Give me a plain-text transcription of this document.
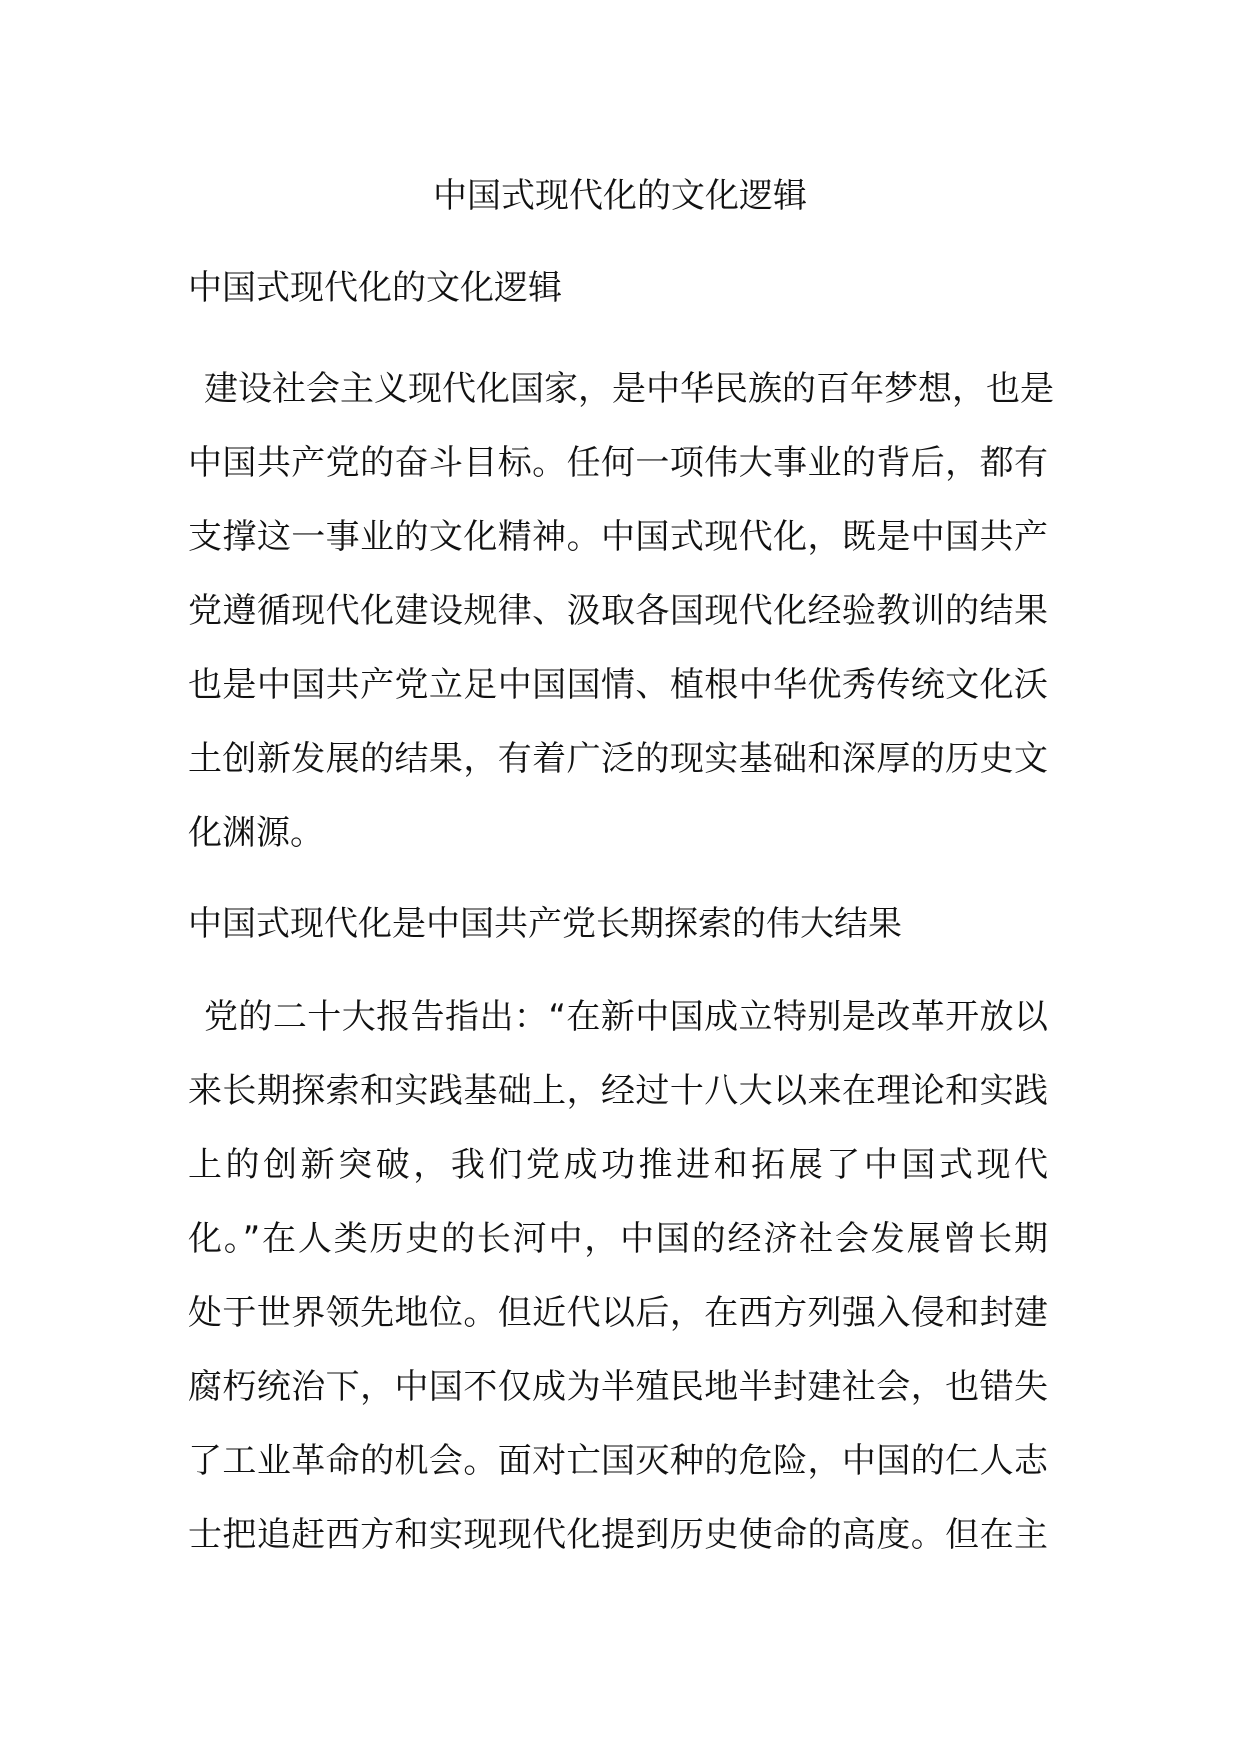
中国式现代化的文化逻辑
中国式现代化的文化逻辑
建设社会主义现代化国家，是中华民族的百年梦想，也是
中国共产党的奋斗目标。任何一项伟大事业的背后，都有
支撑这一事业的文化精神。中国式现代化，既是中国共产
党遵循现代化建设规律、汲取各国现代化经验教训的结果
也是中国共产党立足中国国情、植根中华优秀传统文化沃
土创新发展的结果，有着广泛的现实基础和深厚的历史文
化渊源。
中国式现代化是中国共产党长期探索的伟大结果
党的二十大报告指出：“在新中国成立特别是改革开放以
来长期探索和实践基础上，经过十八大以来在理论和实践
上的创新突破，我们党成功推进和拓展了中国式现代
化。”在人类历史的长河中，中国的经济社会发展曾长期
处于世界领先地位。但近代以后，在西方列强入侵和封建
腐朽统治下，中国不仅成为半殖民地半封建社会，也错失
了工业革命的机会。面对亡国灭种的危险，中国的仁人志
士把追赶西方和实现现代化提到历史使命的高度。但在主
